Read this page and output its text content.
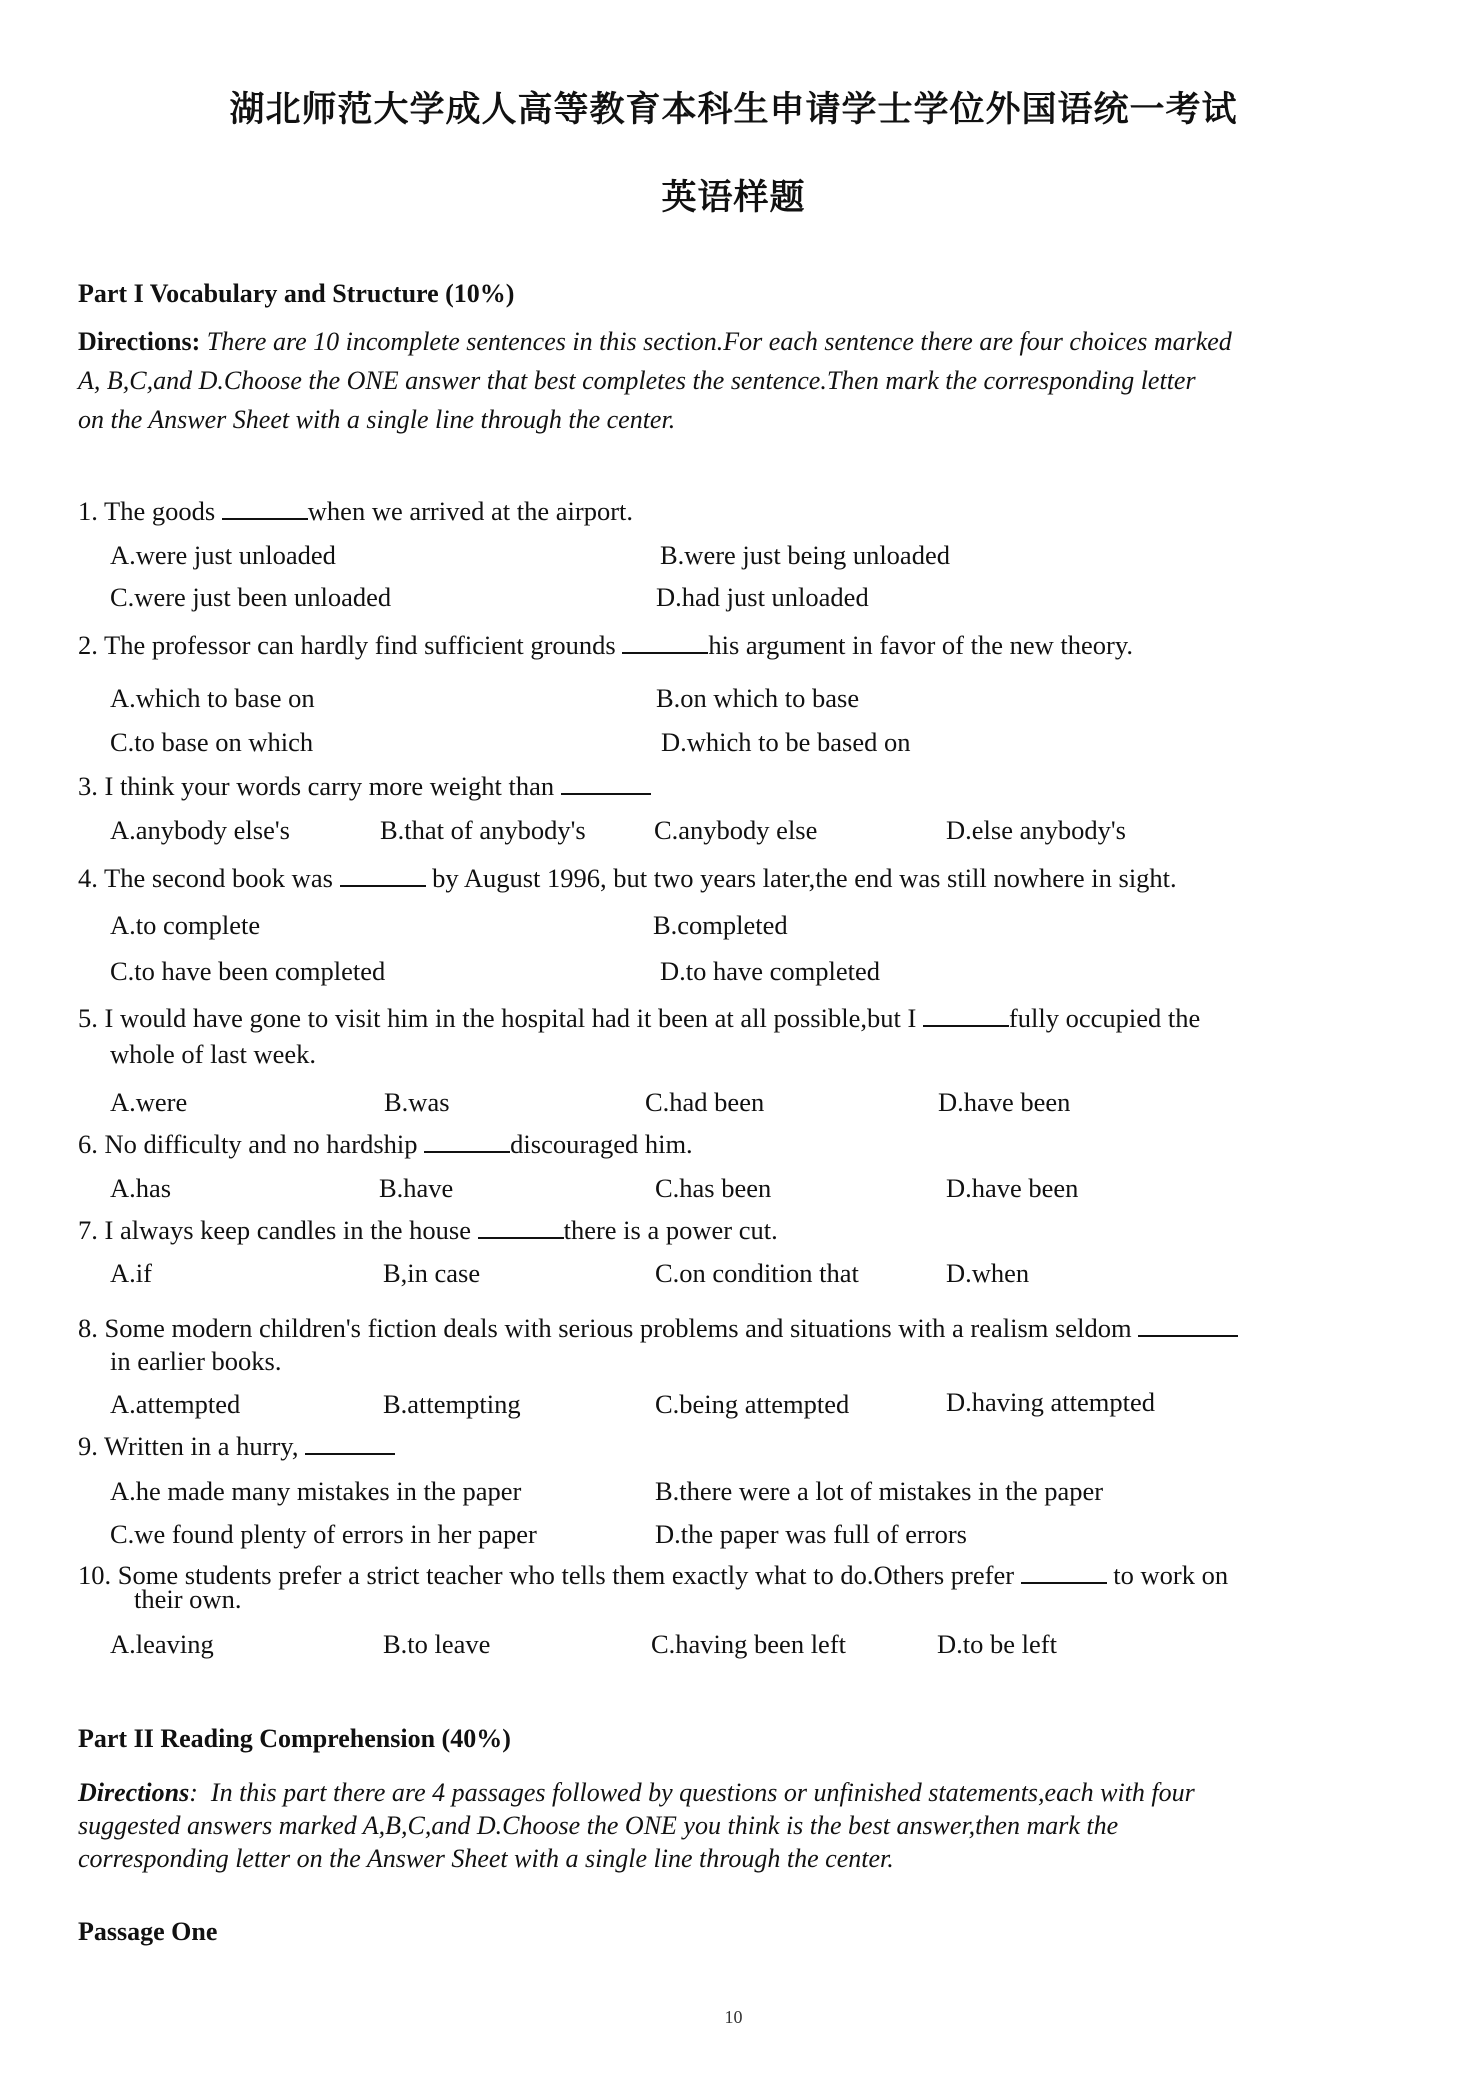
湖北师范大学成人高等教育本科生申请学士学位外国语统一考试
英语样题
Part I Vocabulary and Structure (10%)
Directions: There are 10 incomplete sentences in this section.For each sentence there are four choices marked
A, B,C,and D.Choose the ONE answer that best completes the sentence.Then mark the corresponding letter
on the Answer Sheet with a single line through the center.
1. The goods	when we arrived at the airport.
A.were just unloaded	B.were just being unloaded
C.were just been unloaded	D.had just unloaded
2. The professor can hardly find sufficient grounds	his argument in favor of the new theory.
A.which to base on	B.on which to base
C.to base on which	D.which to be based on
3. I think your words carry more weight than
A.anybody else's	B.that of anybody's	C.anybody else	D.else anybody's
4. The second book was	by August 1996, but two years later,the end was still nowhere in sight.
A.to complete	B.completed
C.to have been completed	D.to have completed
5. I would have gone to visit him in the hospital had it been at all possible,but I	fully occupied the
whole of last week.
A.were	B.was	C.had been	D.have been
6. No difficulty and no hardship	discouraged him.
A.has	B.have	C.has been	D.have been
7. I always keep candles in the house	there is a power cut.
A.if	B,in case	C.on condition that	D.when
8. Some modern children's fiction deals with serious problems and situations with a realism seldom
in earlier books.
A.attempted	B.attempting	C.being attempted	D.having attempted
9. Written in a hurry,
A.he made many mistakes in the paper	B.there were a lot of mistakes in the paper
C.we found plenty of errors in her paper	D.the paper was full of errors
10. Some students prefer a strict teacher who tells them exactly what to do.Others prefer	to work on
their own.
A.leaving	B.to leave	C.having been left	D.to be left
Part II Reading Comprehension (40%)
Directions: In this part there are 4 passages followed by questions or unfinished statements,each with four
suggested answers marked A,B,C,and D.Choose the ONE you think is the best answer,then mark the
corresponding letter on the Answer Sheet with a single line through the center.
Passage One
10
